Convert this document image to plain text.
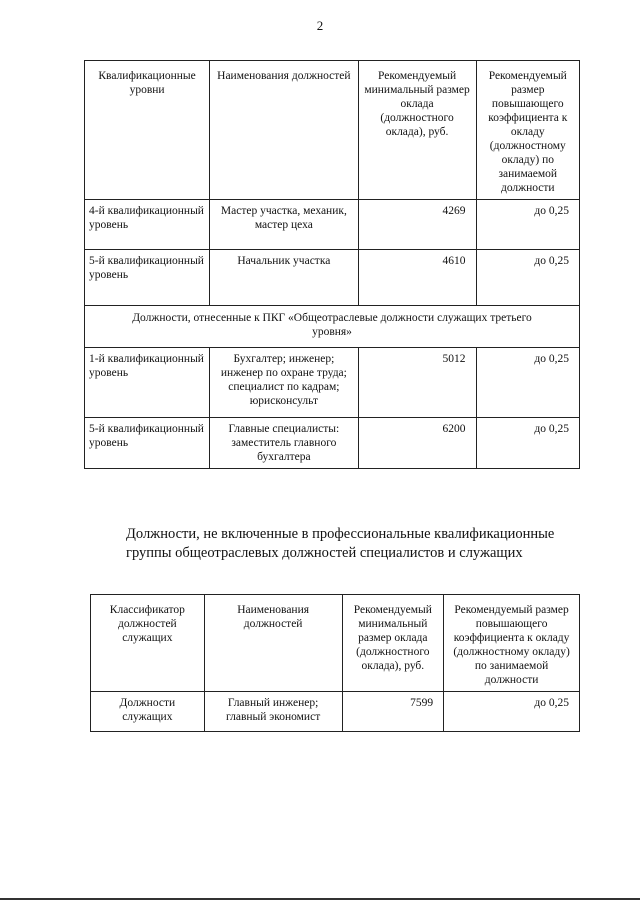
2
Квалификационные уровни	Наименования должностей	Рекомендуемый минимальный размер оклада (должностного оклада), руб.	Рекомендуемый размер повышающего коэффициента к окладу (должностному окладу) по занимаемой должности
4-й квалификационный уровень	Мастер участка, механик, мастер цеха	4269	до 0,25
5-й квалификационный уровень	Начальник участка	4610	до 0,25
Должности, отнесенные к ПКГ «Общеотраслевые должности служащих третьего уровня»			
1-й квалификационный уровень	Бухгалтер; инженер; инженер по охране труда; специалист по кадрам; юрисконсульт	5012	до 0,25
5-й квалификационный уровень	Главные специалисты: заместитель главного бухгалтера	6200	до 0,25
Должности, не включенные в профессиональные квалификационные группы общеотраслевых должностей специалистов и служащих
Классификатор должностей служащих	Наименования должностей	Рекомендуемый минимальный размер оклада (должностного оклада), руб.	Рекомендуемый размер повышающего коэффициента к окладу (должностному окладу) по занимаемой должности
Должности служащих	Главный инженер; главный экономист	7599	до 0,25
